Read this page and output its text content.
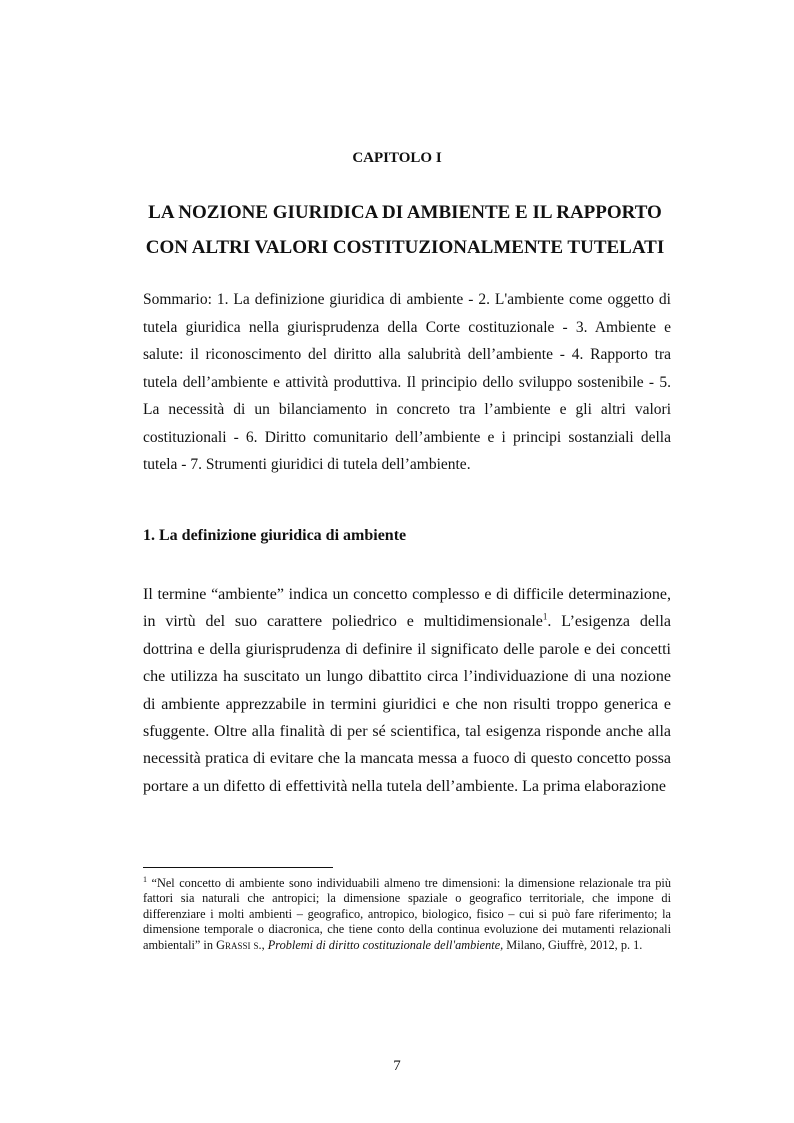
CAPITOLO I
LA NOZIONE GIURIDICA DI AMBIENTE E IL RAPPORTO CON ALTRI VALORI COSTITUZIONALMENTE TUTELATI

Sommario: 1. La definizione giuridica di ambiente - 2. L'ambiente come oggetto di tutela giuridica nella giurisprudenza della Corte costituzionale - 3. Ambiente e salute: il riconoscimento del diritto alla salubrità dell’ambiente - 4. Rapporto tra tutela dell’ambiente e attività produttiva. Il principio dello sviluppo sostenibile - 5. La necessità di un bilanciamento in concreto tra l’ambiente e gli altri valori costituzionali - 6. Diritto comunitario dell’ambiente e i principi sostanziali della tutela - 7. Strumenti giuridici di tutela dell’ambiente.

1. La definizione giuridica di ambiente

Il termine “ambiente” indica un concetto complesso e di difficile determinazione, in virtù del suo carattere poliedrico e multidimensionale$^1$. L’esigenza della dottrina e della giurisprudenza di definire il significato delle parole e dei concetti che utilizza ha suscitato un lungo dibattito circa l’individuazione di una nozione di ambiente apprezzabile in termini giuridici e che non risulti troppo generica e sfuggente. Oltre alla finalità di per sé scientifica, tal esigenza risponde anche alla necessità pratica di evitare che la mancata messa a fuoco di questo concetto possa portare a un difetto di effettività nella tutela dell’ambiente. La prima elaborazione

$^1$ “Nel concetto di ambiente sono individuabili almeno tre dimensioni: la dimensione relazionale tra più fattori sia naturali che antropici; la dimensione spaziale o geografico territoriale, che impone di differenziare i molti ambienti – geografico, antropico, biologico, fisico – cui si può fare riferimento; la dimensione temporale o diacronica, che tiene conto della continua evoluzione dei mutamenti relazionali ambientali” in Grassi s., Problemi di diritto costituzionale dell'ambiente, Milano, Giuffrè, 2012, p. 1.

7
